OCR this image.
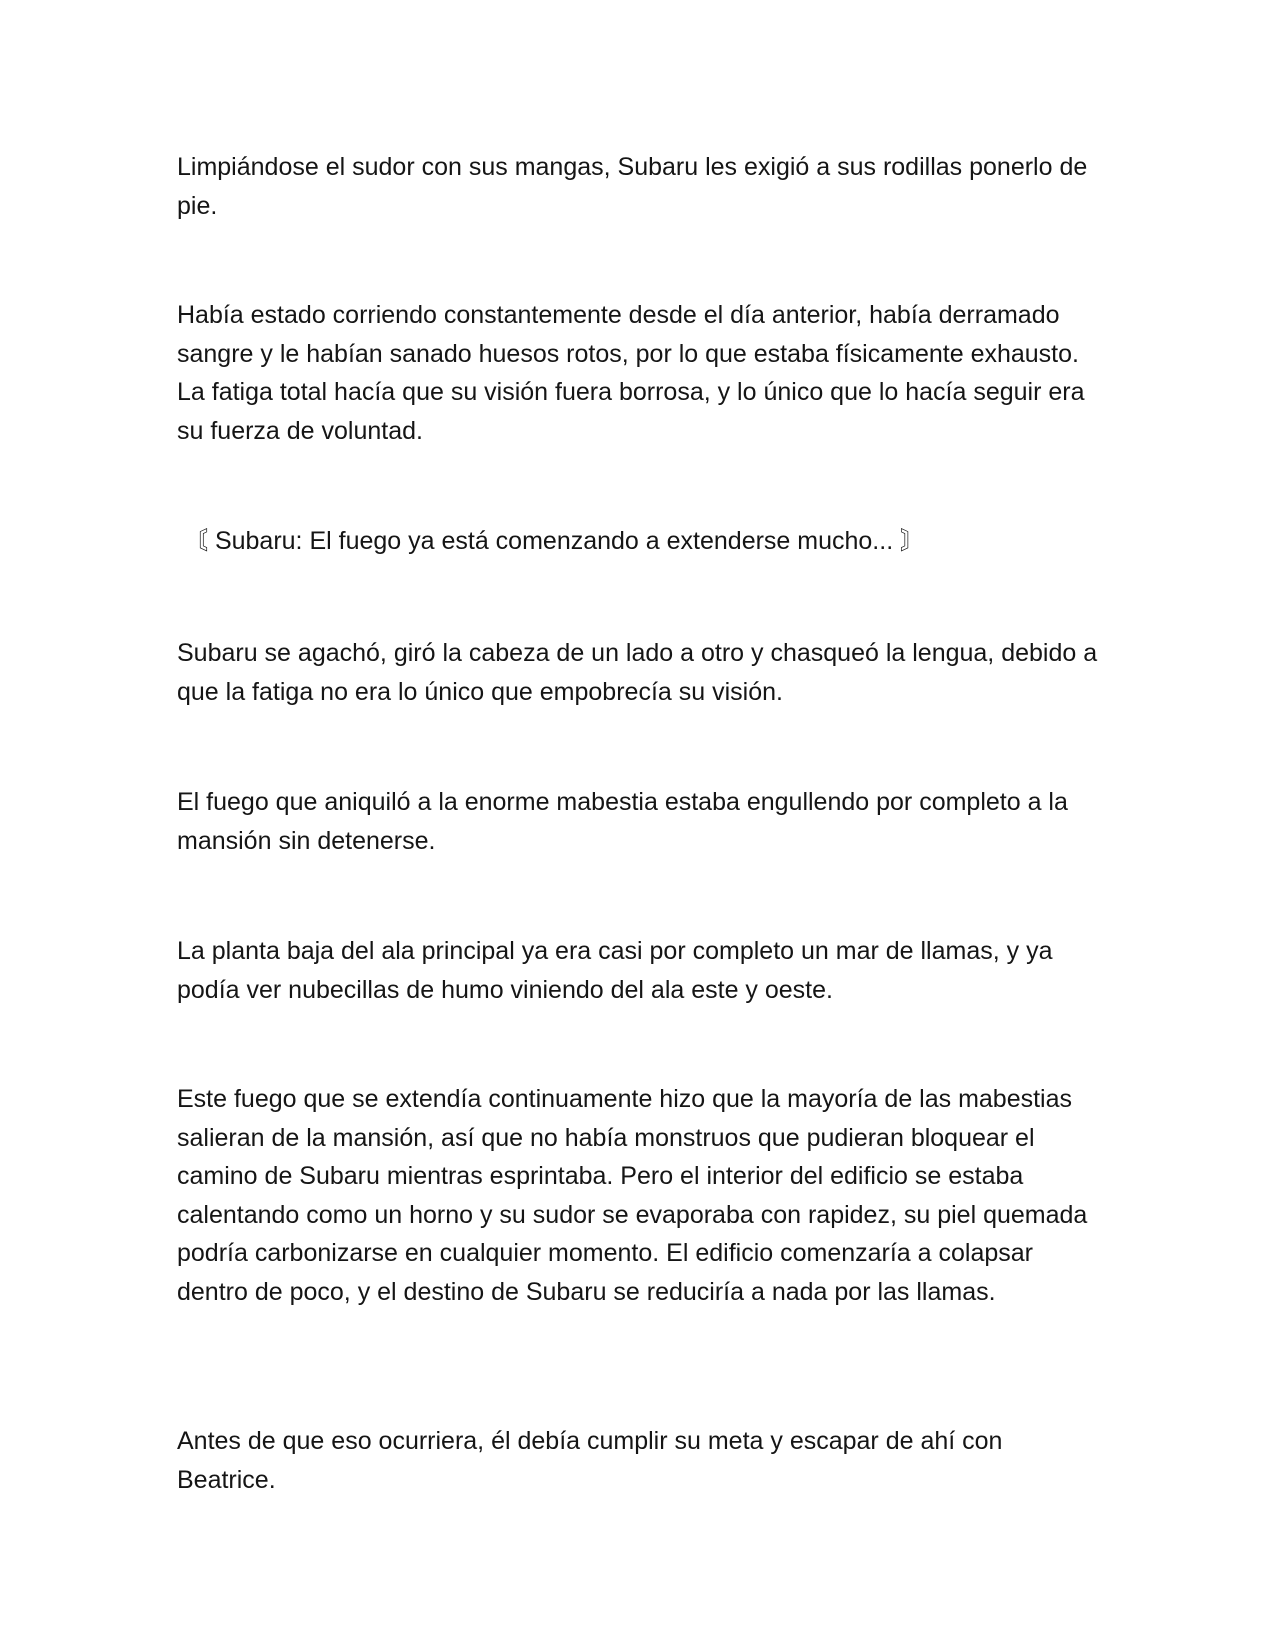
Limpiándose el sudor con sus mangas, Subaru les exigió a sus rodillas ponerlo de pie.

Había estado corriendo constantemente desde el día anterior, había derramado sangre y le habían sanado huesos rotos, por lo que estaba físicamente exhausto. La fatiga total hacía que su visión fuera borrosa, y lo único que lo hacía seguir era su fuerza de voluntad.

〘 Subaru: El fuego ya está comenzando a extenderse mucho... 〙

Subaru se agachó, giró la cabeza de un lado a otro y chasqueó la lengua, debido a que la fatiga no era lo único que empobrecía su visión.

El fuego que aniquiló a la enorme mabestia estaba engullendo por completo a la mansión sin detenerse.

La planta baja del ala principal ya era casi por completo un mar de llamas, y ya podía ver nubecillas de humo viniendo del ala este y oeste.

Este fuego que se extendía continuamente hizo que la mayoría de las mabestias salieran de la mansión, así que no había monstruos que pudieran bloquear el camino de Subaru mientras esprintaba. Pero el interior del edificio se estaba calentando como un horno y su sudor se evaporaba con rapidez, su piel quemada podría carbonizarse en cualquier momento. El edificio comenzaría a colapsar dentro de poco, y el destino de Subaru se reduciría a nada por las llamas.

Antes de que eso ocurriera, él debía cumplir su meta y escapar de ahí con Beatrice.
